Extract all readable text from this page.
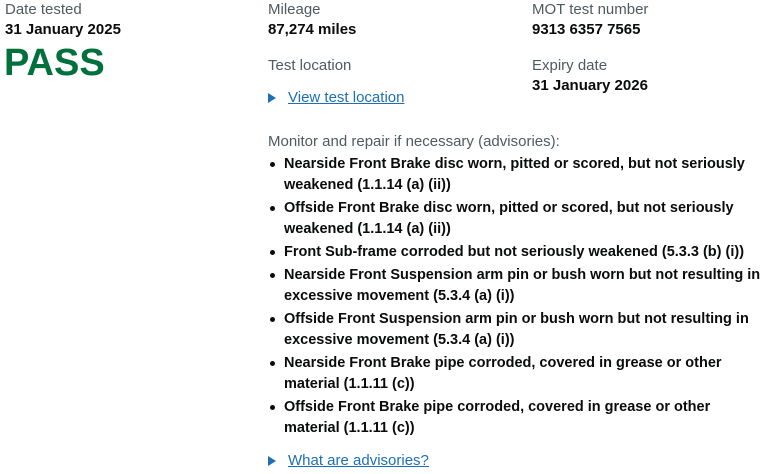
Date tested

31 January 2025

PASS

Mileage

87,274 miles

Test location

View test location

MOT test number

9313 6357 7565

Expiry date

31 January 2026

Monitor and repair if necessary (advisories):

Nearside Front Brake disc worn, pitted or scored, but not seriously weakened (1.1.14 (a) (ii))
Offside Front Brake disc worn, pitted or scored, but not seriously weakened (1.1.14 (a) (ii))
Front Sub-frame corroded but not seriously weakened (5.3.3 (b) (i))
Nearside Front Suspension arm pin or bush worn but not resulting in excessive movement (5.3.4 (a) (i))
Offside Front Suspension arm pin or bush worn but not resulting in excessive movement (5.3.4 (a) (i))
Nearside Front Brake pipe corroded, covered in grease or other material (1.1.11 (c))
Offside Front Brake pipe corroded, covered in grease or other material (1.1.11 (c))
What are advisories?
